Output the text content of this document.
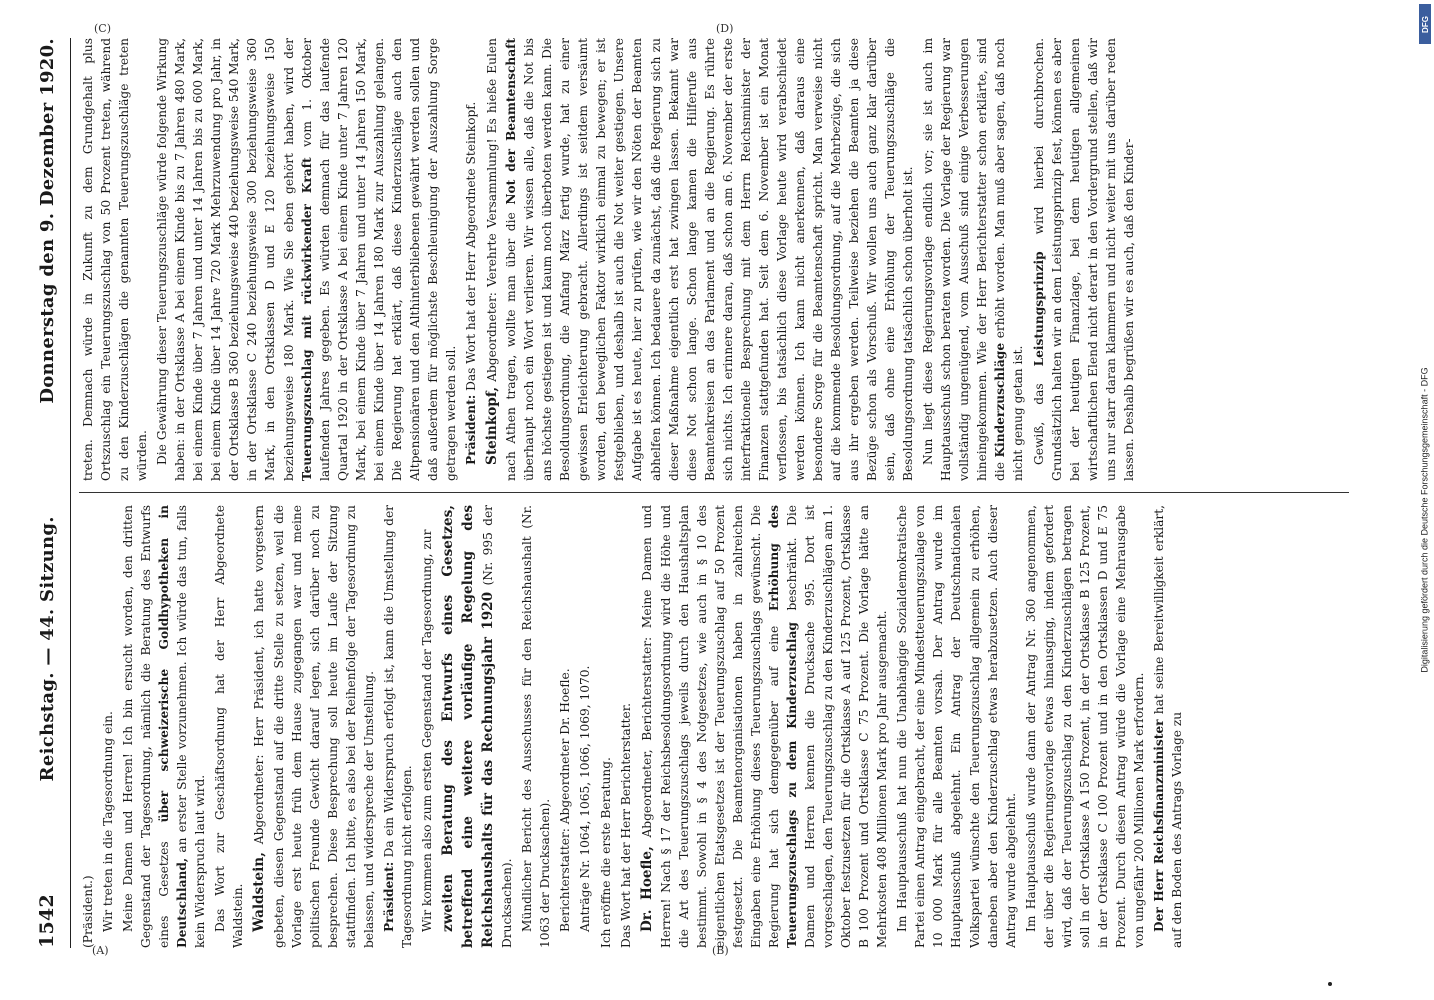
1542
Reichstag. — 44. Sitzung.
Donnerstag den 9. Dezember 1920.

(Präsident.) Wir treten in die Tagesordnung ein. Meine Damen und Herren! Ich bin ersucht worden, den dritten Gegenstand der Tagesordnung, nämlich die Beratung des Entwurfs eines Gesetzes über schweizerische Goldhypotheken in Deutschland, an erster Stelle vorzunehmen. Ich würde das tun, falls kein Widerspruch laut wird. Das Wort zur Geschäftsordnung hat der Herr Abgeordnete Waldstein. Waldstein, Abgeordneter: Herr Präsident, ich hatte vorgestern gebeten, diesen Gegenstand auf die dritte Stelle zu setzen, weil die Vorlage erst heute früh dem Hause zugegangen war und meine politischen Freunde Gewicht darauf legen, sich darüber noch zu besprechen. Diese Besprechung soll heute im Laufe der Sitzung stattfinden. Ich bitte, es also bei der Reihenfolge der Tagesordnung zu belassen, und widerspreche der Umstellung. Präsident: Da ein Widerspruch erfolgt ist, kann die Umstellung der Tagesordnung nicht erfolgen. Wir kommen also zum ersten Gegenstand der Tagesordnung, zur zweiten Beratung des Entwurfs eines Gesetzes, betreffend eine weitere vorläufige Regelung des Reichshaushalts für das Rechnungsjahr 1920 (Nr. 995 der Drucksachen). Mündlicher Bericht des Ausschusses für den Reichshaushalt (Nr. 1063 der Drucksachen). Berichterstatter: Abgeordneter Dr. Hoefle. Anträge Nr. 1064, 1065, 1066, 1069, 1070. Ich eröffne die erste Beratung. Das Wort hat der Herr Berichterstatter. Dr. Hoefle, Abgeordneter, Berichterstatter: Meine Damen und Herren! Nach § 17 der Reichsbesoldungsordnung wird die Höhe und die Art des Teuerungszuschlags jeweils durch den Haushaltsplan bestimmt. Sowohl in § 4 des Notgesetzes, wie auch in § 10 des eigentlichen Etatsgesetzes ist der Teuerungszuschlag auf 50 Prozent festgesetzt. Die Beamtenorganisationen haben in zahlreichen Eingaben eine Erhöhung dieses Teuerungszuschlags gewünscht. Die Regierung hat sich demgegenüber auf eine Erhöhung des Teuerungszuschlags zu dem Kinderzuschlag beschränkt. Die Damen und Herren kennen die Drucksache 995. Dort ist vorgeschlagen, den Teuerungszuschlag zu den Kinderzuschlägen am 1. Oktober festzusetzen für die Ortsklasse A auf 125 Prozent, Ortsklasse B 100 Prozent und Ortsklasse C 75 Prozent. Die Vorlage hätte an Mehrkosten 408 Millionen Mark pro Jahr ausgemacht. Im Hauptausschuß hat nun die Unabhängige Sozialdemokratische Partei einen Antrag eingebracht, der eine Mindestteuerungszulage von 10 000 Mark für alle Beamten vorsah. Der Antrag wurde im Hauptausschuß abgelehnt. Ein Antrag der Deutschnationalen Volkspartei wünschte den Teuerungszuschlag allgemein zu erhöhen, daneben aber den Kinderzuschlag etwas herabzusetzen. Auch dieser Antrag wurde abgelehnt. Im Hauptausschuß wurde dann der Antrag Nr. 360 angenommen, der über die Regierungsvorlage etwas hinausging, indem gefordert wird, daß der Teuerungszuschlag zu den Kinderzuschlägen betragen soll in der Ortsklasse A 150 Prozent, in der Ortsklasse B 125 Prozent, in der Ortsklasse C 100 Prozent und in den Ortsklassen D und E 75 Prozent. Durch diesen Antrag würde die Vorlage eine Mehrausgabe von ungefähr 200 Millionen Mark erfordern. Der Herr Reichsfinanzminister hat seine Bereitwilligkeit erklärt, auf den Boden des Antrags Vorlage zu

treten. Demnach würde in Zukunft zu dem Grundgehalt plus Ortszuschlag ein Teuerungszuschlag von 50 Prozent treten, während zu den Kinderzuschlägen die genannten Teuerungszuschläge treten würden. Die Gewährung dieser Teuerungszuschläge würde folgende Wirkung haben: in der Ortsklasse A bei einem Kinde bis zu 7 Jahren 480 Mark, bei einem Kinde über 7 Jahren und unter 14 Jahren bis zu 600 Mark, bei einem Kinde über 14 Jahre 720 Mark Mehrzuwendung pro Jahr, in der Ortsklasse B 360 beziehungsweise 440 beziehungsweise 540 Mark, in der Ortsklasse C 240 beziehungsweise 300 beziehungsweise 360 Mark, in den Ortsklassen D und E 120 beziehungsweise 150 beziehungsweise 180 Mark. Wie Sie eben gehört haben, wird der Teuerungszuschlag mit rückwirkender Kraft vom 1. Oktober laufenden Jahres gegeben. Es würden demnach für das laufende Quartal 1920 in der Ortsklasse A bei einem Kinde unter 7 Jahren 120 Mark, bei einem Kinde über 7 Jahren und unter 14 Jahren 150 Mark, bei einem Kinde über 14 Jahren 180 Mark zur Auszahlung gelangen. Die Regierung hat erklärt, daß diese Kinderzuschläge auch den Altpensionären und den Althinterbliebenen gewährt werden sollen und daß außerdem für möglichste Beschleunigung der Auszahlung Sorge getragen werden soll. Präsident: Das Wort hat der Herr Abgeordnete Steinkopf.

Steinkopf, Abgeordneter: Verehrte Versammlung! Es hieße Eulen nach Athen tragen, wollte man über die Not der Beamtenschaft überhaupt noch ein Wort verlieren. Wir wissen alle, daß die Not bis ans höchste gestiegen ist und kaum noch überboten werden kann. Die Besoldungsordnung, die Anfang März fertig wurde, hat zu einer gewissen Erleichterung gebracht. Allerdings ist seitdem versäumt worden, den beweglichen Faktor wirklich einmal zu bewegen; er ist festgeblieben, und deshalb ist auch die Not weiter gestiegen. Unsere Aufgabe ist es heute, hier zu prüfen, wie wir den Nöten der Beamten abhelfen können. Ich bedauere da zunächst, daß die Regierung sich zu dieser Maßnahme eigentlich erst hat zwingen lassen. Bekannt war diese Not schon lange. Schon lange kamen die Hilferufe aus Beamtenkreisen an das Parlament und an die Regierung. Es rührte sich nichts. Ich erinnere daran, daß schon am 6. November der erste interfraktionelle Besprechung mit dem Herrn Reichsminister der Finanzen stattgefunden hat. Seit dem 6. November ist ein Monat verflossen, bis tatsächlich diese Vorlage heute wird verabschiedet werden können. Ich kann nicht anerkennen, daß daraus eine besondere Sorge für die Beamtenschaft spricht. Man verweise nicht auf die kommende Besoldungsordnung, auf die Mehrbezüge, die sich aus ihr ergeben werden. Teilweise beziehen die Beamten ja diese Bezüge schon als Vorschuß. Wir wollen uns auch ganz klar darüber sein, daß ohne eine Erhöhung der Teuerungszuschläge die Besoldungsordnung tatsächlich schon überholt ist. Nun liegt diese Regierungsvorlage endlich vor; sie ist auch im Hauptausschuß schon beraten worden. Die Vorlage der Regierung war vollständig ungenügend, vom Ausschuß sind einige Verbesserungen hineingekommen. Wie der Herr Berichterstatter schon erklärte, sind die Kinderzuschläge erhöht worden. Man muß aber sagen, daß noch nicht genug getan ist. Gewiß, das Leistungsprinzip wird hierbei durchbrochen. Grundsätzlich halten wir an dem Leistungsprinzip fest, können es aber bei der heutigen Finanzlage, bei dem heutigen allgemeinen wirtschaftlichen Elend nicht derart in den Vordergrund stellen, daß wir uns nur starr daran klammern und nicht weiter mit uns darüber reden lassen. Deshalb begrüßen wir es auch, daß den Kinder-

(A)	(B)
(C)	(D)	DFG
Digitalisierung gefördert durch die Deutsche Forschungsgemeinschaft - DFG
